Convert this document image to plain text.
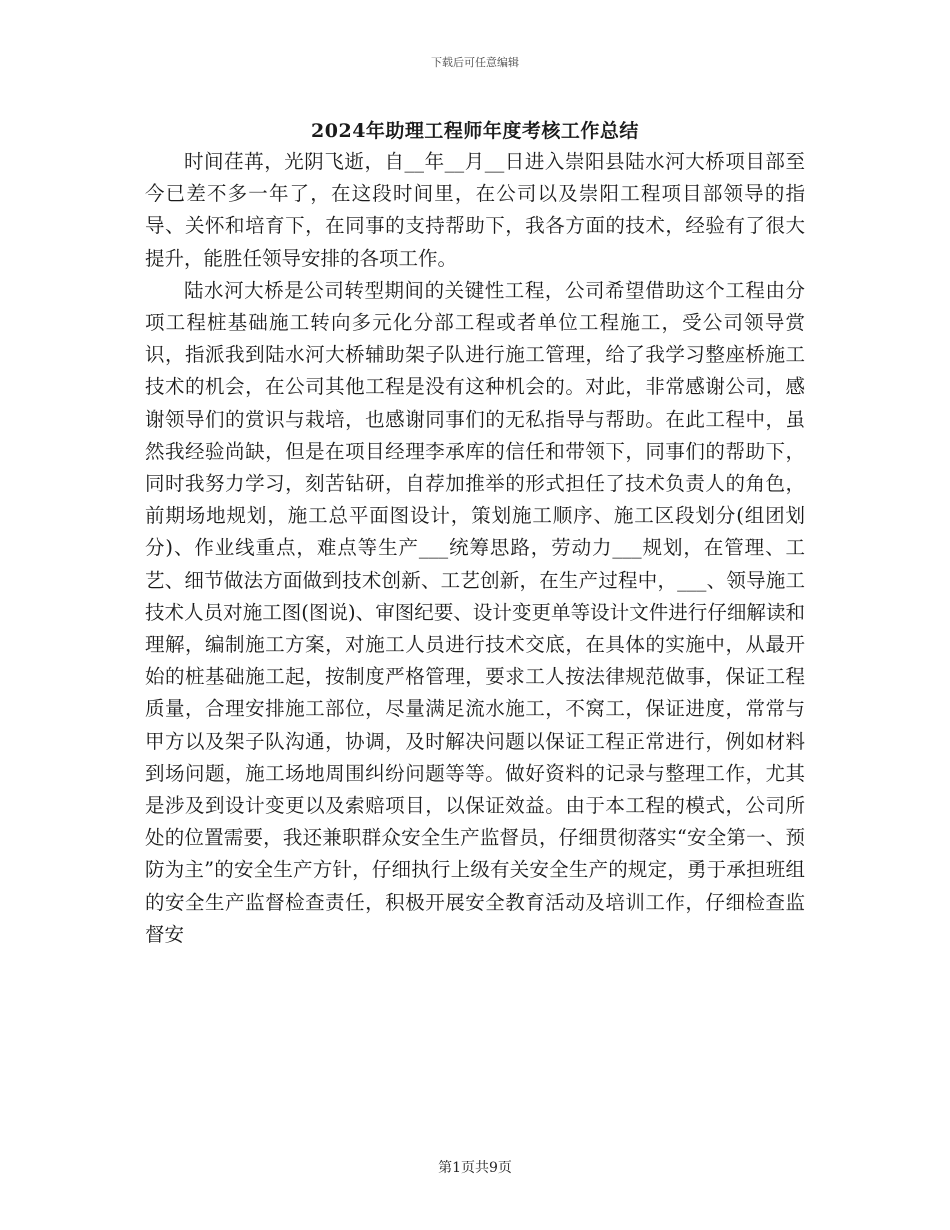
下载后可任意编辑
2024年助理工程师年度考核工作总结

时间荏苒，光阴飞逝，自__年__月__日进入崇阳县陆水河大桥项目部至今已差不多一年了，在这段时间里，在公司以及崇阳工程项目部领导的指导、关怀和培育下，在同事的支持帮助下，我各方面的技术，经验有了很大提升，能胜任领导安排的各项工作。

陆水河大桥是公司转型期间的关键性工程，公司希望借助这个工程由分项工程桩基础施工转向多元化分部工程或者单位工程施工，受公司领导赏识，指派我到陆水河大桥辅助架子队进行施工管理，给了我学习整座桥施工技术的机会，在公司其他工程是没有这种机会的。对此，非常感谢公司，感谢领导们的赏识与栽培，也感谢同事们的无私指导与帮助。在此工程中，虽然我经验尚缺，但是在项目经理李承库的信任和带领下，同事们的帮助下，同时我努力学习，刻苦钻研，自荐加推举的形式担任了技术负责人的角色，前期场地规划，施工总平面图设计，策划施工顺序、施工区段划分(组团划分)、作业线重点，难点等生产___统筹思路，劳动力___规划，在管理、工艺、细节做法方面做到技术创新、工艺创新，在生产过程中，___、领导施工技术人员对施工图(图说)、审图纪要、设计变更单等设计文件进行仔细解读和理解，编制施工方案，对施工人员进行技术交底，在具体的实施中，从最开始的桩基础施工起，按制度严格管理，要求工人按法律规范做事，保证工程质量，合理安排施工部位，尽量满足流水施工，不窝工，保证进度，常常与甲方以及架子队沟通，协调，及时解决问题以保证工程正常进行，例如材料到场问题，施工场地周围纠纷问题等等。做好资料的记录与整理工作，尤其是涉及到设计变更以及索赔项目，以保证效益。由于本工程的模式，公司所处的位置需要，我还兼职群众安全生产监督员，仔细贯彻落实“安全第一、预防为主”的安全生产方针，仔细执行上级有关安全生产的规定，勇于承担班组的安全生产监督检查责任，积极开展安全教育活动及培训工作，仔细检查监督安

第1页共9页
